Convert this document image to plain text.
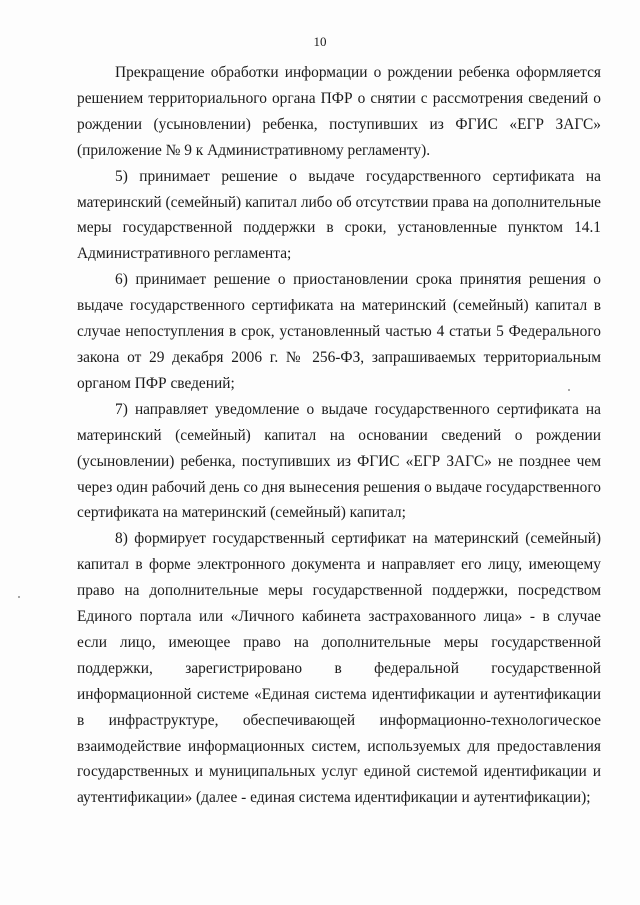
10

Прекращение обработки информации о рождении ребенка оформляется решением территориального органа ПФР о снятии с рассмотрения сведений о рождении (усыновлении) ребенка, поступивших из ФГИС «ЕГР ЗАГС» (приложение № 9 к Административному регламенту).

5) принимает решение о выдаче государственного сертификата на материнский (семейный) капитал либо об отсутствии права на дополнительные меры государственной поддержки в сроки, установленные пунктом 14.1 Административного регламента;

6) принимает решение о приостановлении срока принятия решения о выдаче государственного сертификата на материнский (семейный) капитал в случае непоступления в срок, установленный частью 4 статьи 5 Федерального закона от 29 декабря 2006 г. № 256-ФЗ, запрашиваемых территориальным органом ПФР сведений;

7) направляет уведомление о выдаче государственного сертификата на материнский (семейный) капитал на основании сведений о рождении (усыновлении) ребенка, поступивших из ФГИС «ЕГР ЗАГС» не позднее чем через один рабочий день со дня вынесения решения о выдаче государственного сертификата на материнский (семейный) капитал;

8) формирует государственный сертификат на материнский (семейный) капитал в форме электронного документа и направляет его лицу, имеющему право на дополнительные меры государственной поддержки, посредством Единого портала или «Личного кабинета застрахованного лица» - в случае если лицо, имеющее право на дополнительные меры государственной поддержки, зарегистрировано в федеральной государственной информационной системе «Единая система идентификации и аутентификации в инфраструктуре, обеспечивающей информационно-технологическое взаимодействие информационных систем, используемых для предоставления государственных и муниципальных услуг единой системой идентификации и аутентификации» (далее - единая система идентификации и аутентификации);
